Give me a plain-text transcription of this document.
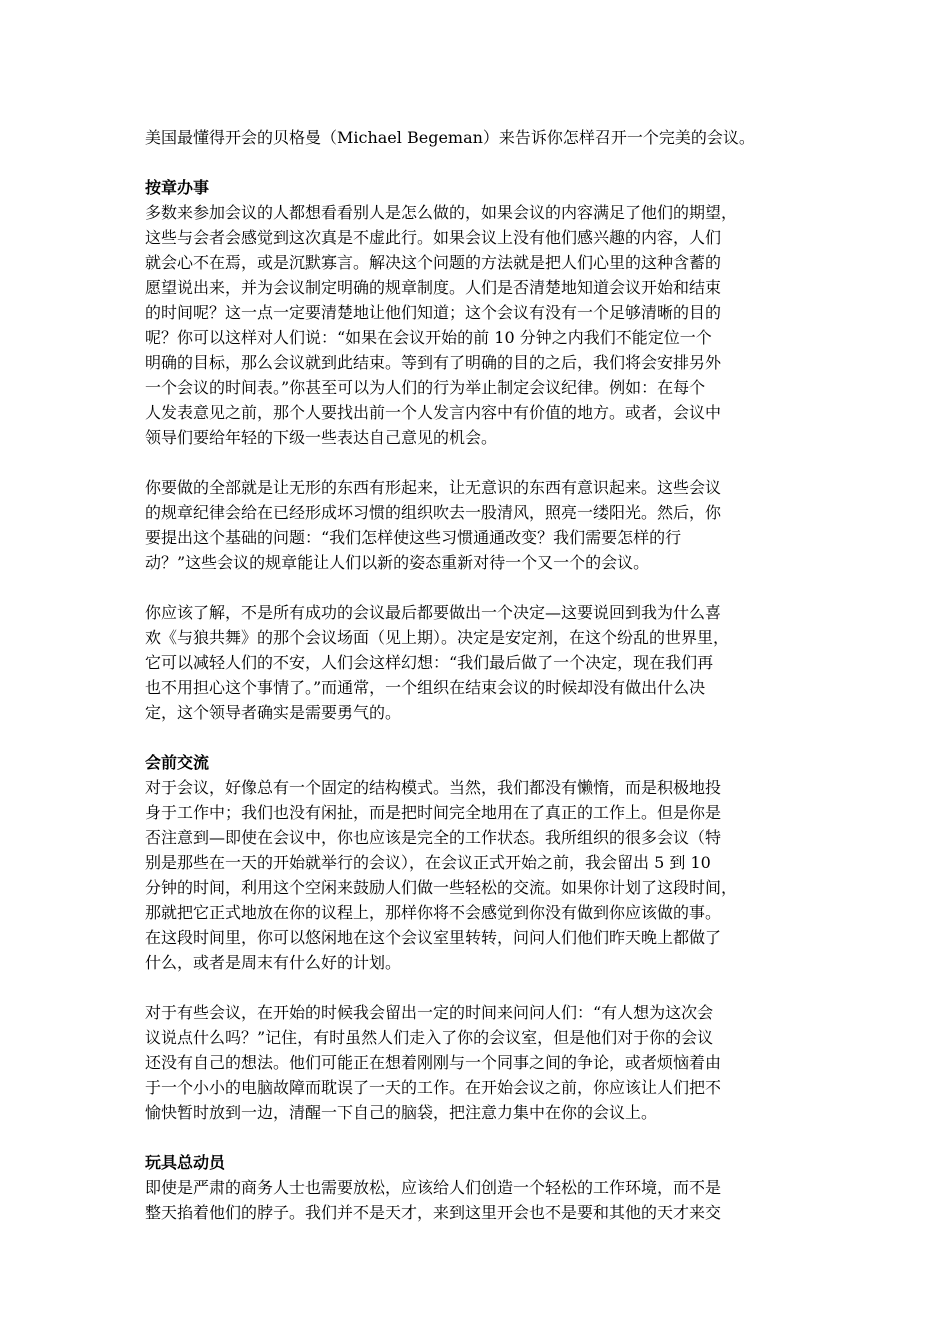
美国最懂得开会的贝格曼（Michael Begeman）来告诉你怎样召开一个完美的会议。
按章办事
多数来参加会议的人都想看看别人是怎么做的，如果会议的内容满足了他们的期望，
这些与会者会感觉到这次真是不虚此行。如果会议上没有他们感兴趣的内容，人们
就会心不在焉，或是沉默寡言。解决这个问题的方法就是把人们心里的这种含蓄的
愿望说出来，并为会议制定明确的规章制度。人们是否清楚地知道会议开始和结束
的时间呢？这一点一定要清楚地让他们知道；这个会议有没有一个足够清晰的目的
呢？你可以这样对人们说：“如果在会议开始的前 10 分钟之内我们不能定位一个
明确的目标，那么会议就到此结束。等到有了明确的目的之后，我们将会安排另外
一个会议的时间表。”你甚至可以为人们的行为举止制定会议纪律。例如：在每个
人发表意见之前，那个人要找出前一个人发言内容中有价值的地方。或者，会议中
领导们要给年轻的下级一些表达自己意见的机会。
你要做的全部就是让无形的东西有形起来，让无意识的东西有意识起来。这些会议
的规章纪律会给在已经形成坏习惯的组织吹去一股清风，照亮一缕阳光。然后，你
要提出这个基础的问题：“我们怎样使这些习惯通通改变？我们需要怎样的行
动？”这些会议的规章能让人们以新的姿态重新对待一个又一个的会议。
你应该了解，不是所有成功的会议最后都要做出一个决定—这要说回到我为什么喜
欢《与狼共舞》的那个会议场面（见上期）。决定是安定剂，在这个纷乱的世界里，
它可以减轻人们的不安，人们会这样幻想：“我们最后做了一个决定，现在我们再
也不用担心这个事情了。”而通常，一个组织在结束会议的时候却没有做出什么决
定，这个领导者确实是需要勇气的。
会前交流
对于会议，好像总有一个固定的结构模式。当然，我们都没有懒惰，而是积极地投
身于工作中；我们也没有闲扯，而是把时间完全地用在了真正的工作上。但是你是
否注意到—即使在会议中，你也应该是完全的工作状态。我所组织的很多会议（特
别是那些在一天的开始就举行的会议），在会议正式开始之前，我会留出 5 到 10
分钟的时间，利用这个空闲来鼓励人们做一些轻松的交流。如果你计划了这段时间，
那就把它正式地放在你的议程上，那样你将不会感觉到你没有做到你应该做的事。
在这段时间里，你可以悠闲地在这个会议室里转转，问问人们他们昨天晚上都做了
什么，或者是周末有什么好的计划。
对于有些会议，在开始的时候我会留出一定的时间来问问人们：“有人想为这次会
议说点什么吗？”记住，有时虽然人们走入了你的会议室，但是他们对于你的会议
还没有自己的想法。他们可能正在想着刚刚与一个同事之间的争论，或者烦恼着由
于一个小小的电脑故障而耽误了一天的工作。在开始会议之前，你应该让人们把不
愉快暂时放到一边，清醒一下自己的脑袋，把注意力集中在你的会议上。
玩具总动员
即使是严肃的商务人士也需要放松，应该给人们创造一个轻松的工作环境，而不是
整天掐着他们的脖子。我们并不是天才，来到这里开会也不是要和其他的天才来交
